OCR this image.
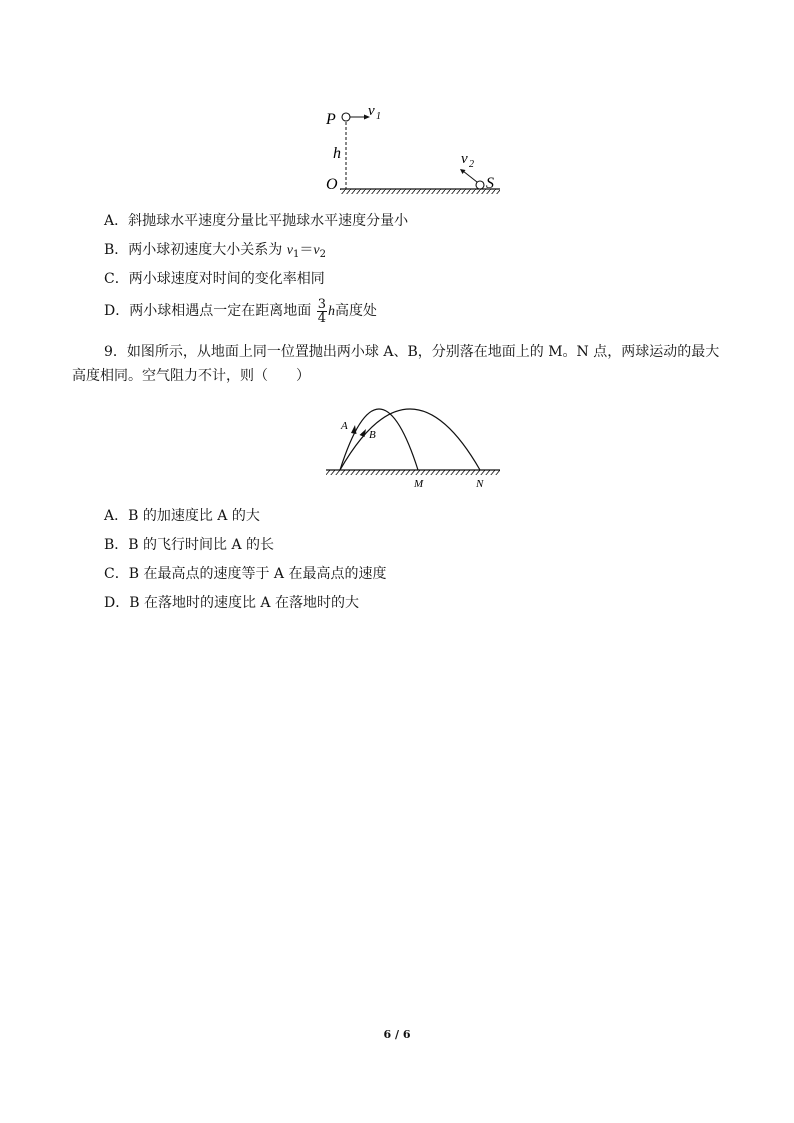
P v 1
h
O
v 2
S
A．斜抛球水平速度分量比平抛球水平速度分量小
B．两小球初速度大小关系为 $v_1=v_2$
C．两小球速度对时间的变化率相同
D．两小球相遇点一定在距离地面 $\frac{3}{4}$ h高度处
9．如图所示，从地面上同一位置抛出两小球 A、B，分别落在地面上的 M。N 点，两球运动的最大高度相同。空气阻力不计，则（　　）
A
B
M	N
A．B 的加速度比 A 的大
B．B 的飞行时间比 A 的长
C．B 在最高点的速度等于 A 在最高点的速度
D．B 在落地时的速度比 A 在落地时的大
6 / 6
